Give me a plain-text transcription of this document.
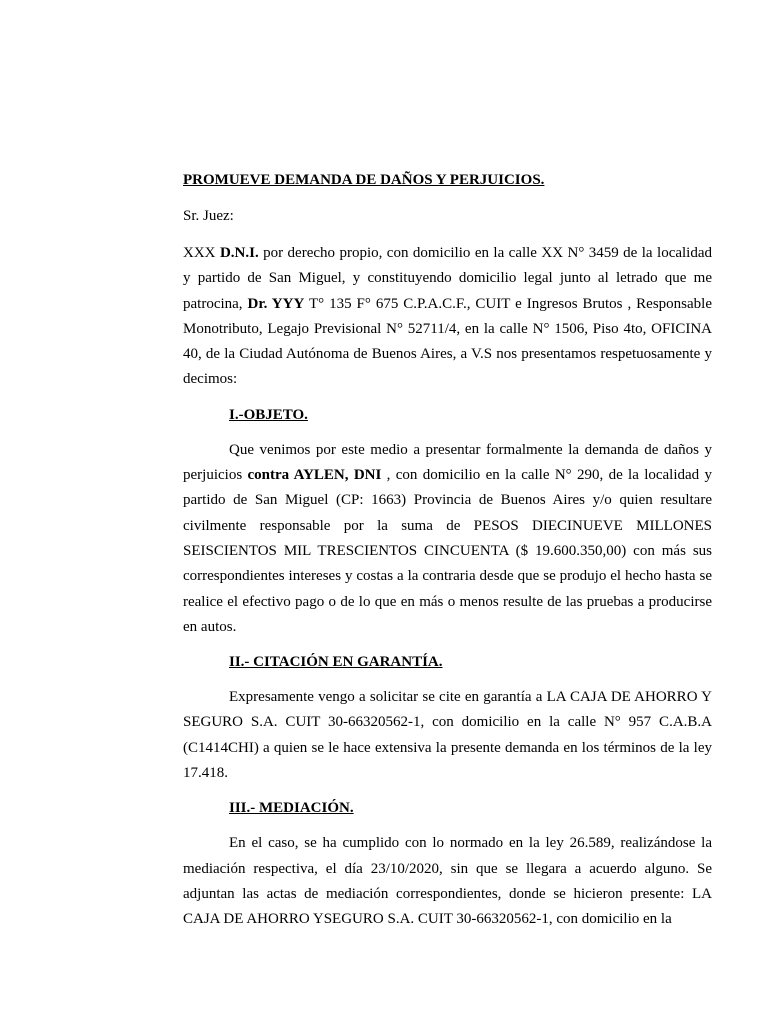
PROMUEVE DEMANDA DE DAÑOS Y PERJUICIOS.
Sr. Juez:

XXX D.N.I. por derecho propio, con domicilio en la calle XX N° 3459 de la localidad y partido de San Miguel, y constituyendo domicilio legal junto al letrado que me patrocina, Dr. YYY T° 135 F° 675 C.P.A.C.F., CUIT e Ingresos Brutos , Responsable Monotributo, Legajo Previsional N° 52711/4, en la calle N° 1506, Piso 4to, OFICINA 40, de la Ciudad Autónoma de Buenos Aires, a V.S nos presentamos respetuosamente y decimos:

I.-OBJETO.

Que venimos por este medio a presentar formalmente la demanda de daños y perjuicios contra AYLEN, DNI , con domicilio en la calle N° 290, de la localidad y partido de San Miguel (CP: 1663) Provincia de Buenos Aires y/o quien resultare civilmente responsable por la suma de PESOS DIECINUEVE MILLONES SEISCIENTOS MIL TRESCIENTOS CINCUENTA ($ 19.600.350,00) con más sus correspondientes intereses y costas a la contraria desde que se produjo el hecho hasta se realice el efectivo pago o de lo que en más o menos resulte de las pruebas a producirse en autos.

II.- CITACIÓN EN GARANTÍA.

Expresamente vengo a solicitar se cite en garantía a LA CAJA DE AHORRO Y SEGURO S.A. CUIT 30-66320562-1, con domicilio en la calle N° 957 C.A.B.A (C1414CHI) a quien se le hace extensiva la presente demanda en los términos de la ley 17.418.

III.- MEDIACIÓN.

En el caso, se ha cumplido con lo normado en la ley 26.589, realizándose la mediación respectiva, el día 23/10/2020, sin que se llegara a acuerdo alguno. Se adjuntan las actas de mediación correspondientes, donde se hicieron presente: LA CAJA DE AHORRO YSEGURO S.A. CUIT 30-66320562-1, con domicilio en la
